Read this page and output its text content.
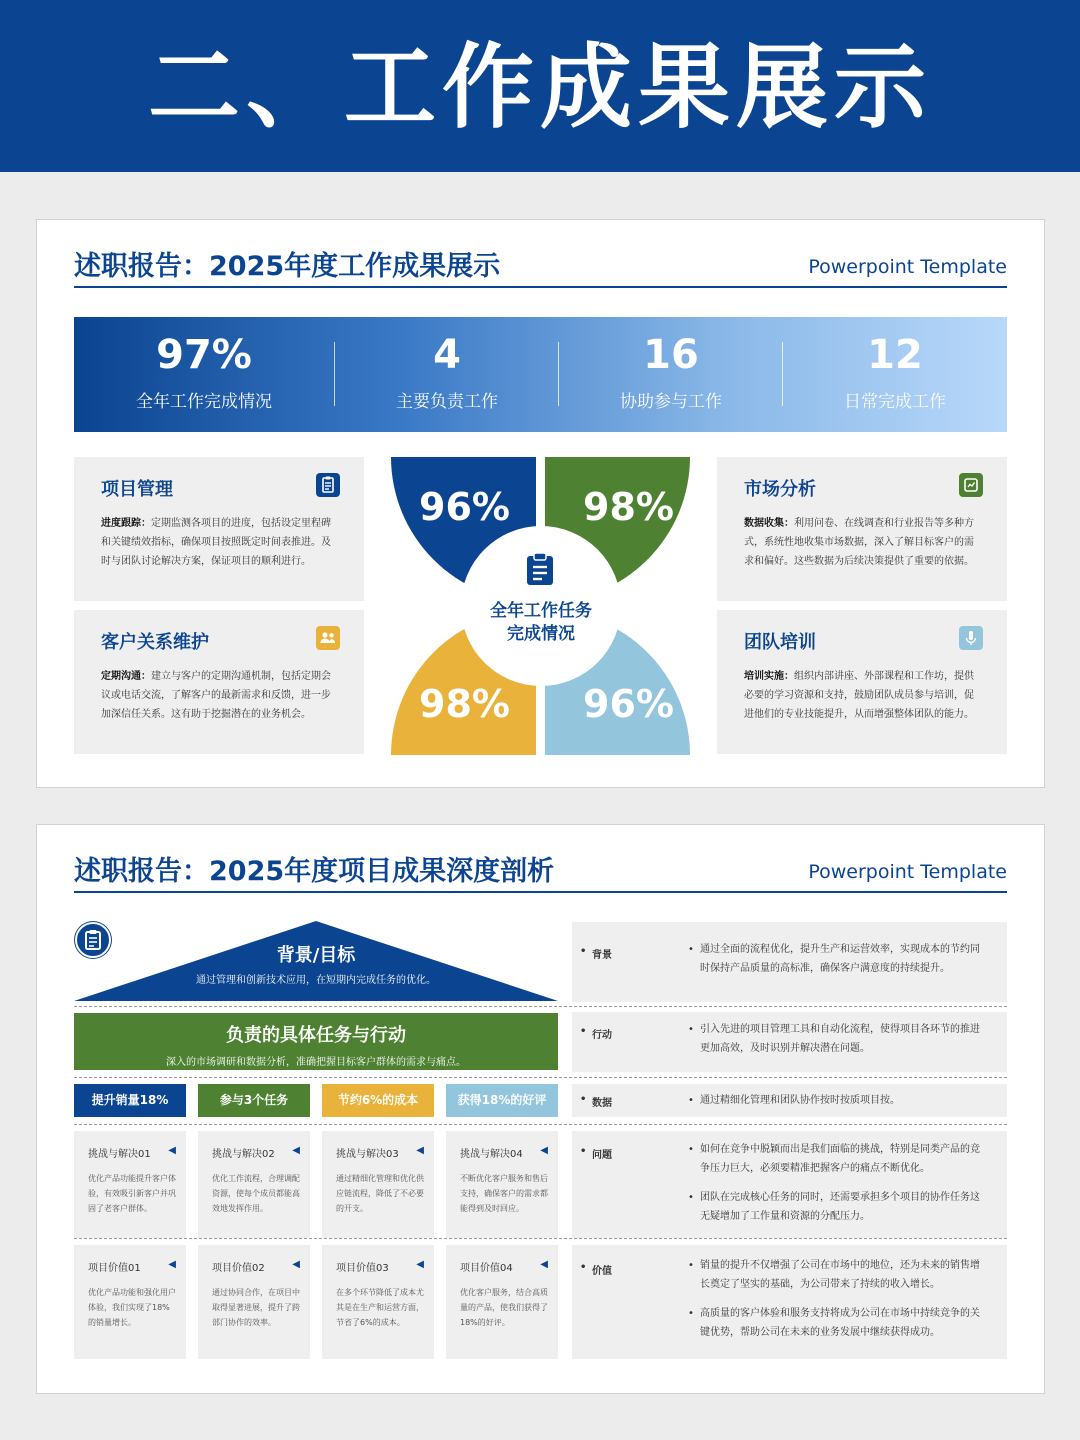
二、工作成果展示
述职报告：2025年度工作成果展示	Powerpoint Template
97%
全年工作完成情况
4
主要负责工作
16
协助参与工作
12
日常完成工作
项目管理
进度跟踪：定期监测各项目的进度，包括设定里程碑和关键绩效指标，确保项目按照既定时间表推进。及时与团队讨论解决方案，保证项目的顺利进行。
客户关系维护
定期沟通：建立与客户的定期沟通机制，包括定期会议或电话交流，了解客户的最新需求和反馈，进一步加深信任关系。这有助于挖掘潜在的业务机会。
市场分析
数据收集：利用问卷、在线调查和行业报告等多种方式，系统性地收集市场数据，深入了解目标客户的需求和偏好。这些数据为后续决策提供了重要的依据。
团队培训
培训实施：组织内部讲座、外部课程和工作坊，提供必要的学习资源和支持，鼓励团队成员参与培训，促进他们的专业技能提升，从而增强整体团队的能力。
96% 98%
98% 96%
全年工作任务
完成情况
述职报告：2025年度项目成果深度剖析	Powerpoint Template
背景/目标
通过管理和创新技术应用，在短期内完成任务的优化。
负责的具体任务与行动
深入的市场调研和数据分析，准确把握目标客户群体的需求与痛点。
提升销量18%	参与3个任务	节约6%的成本	获得18%的好评
挑战与解决01 ◀
优化产品功能提升客户体验，有效吸引新客户并巩固了老客户群体。
挑战与解决02 ◀
优化工作流程，合理调配资源，使每个成员都能高效地发挥作用。
挑战与解决03 ◀
通过精细化管理和优化供应链流程，降低了不必要的开支。
挑战与解决04 ◀
不断优化客户服务和售后支持，确保客户的需求都能得到及时回应。
项目价值01	◀
优化产品功能和强化用户体验，我们实现了18%的销量增长。
项目价值02	◀
通过协同合作，在项目中取得显著进展，提升了跨部门协作的效率。
项目价值03	◀
在多个环节降低了成本尤其是在生产和运营方面，节省了6%的成本。
项目价值04	◀
优化客户服务，结合高质量的产品，使我们获得了18%的好评。
• 背景
• 通过全面的流程优化，提升生产和运营效率，实现成本的节约同时保持产品质量的高标准，确保客户满意度的持续提升。
• 行动
• 引入先进的项目管理工具和自动化流程，使得项目各环节的推进更加高效，及时识别并解决潜在问题。
• 数据
•	通过精细化管理和团队协作按时按质项目按。
• 问题
• 如何在竞争中脱颖而出是我们面临的挑战，特别是同类产品的竞争压力巨大，必须要精准把握客户的痛点不断优化。
• 团队在完成核心任务的同时，还需要承担多个项目的协作任务这无疑增加了工作量和资源的分配压力。
• 价值
• 销量的提升不仅增强了公司在市场中的地位，还为未来的销售增长奠定了坚实的基础，为公司带来了持续的收入增长。
• 高质量的客户体验和服务支持将成为公司在市场中持续竞争的关键优势，帮助公司在未来的业务发展中继续获得成功。
